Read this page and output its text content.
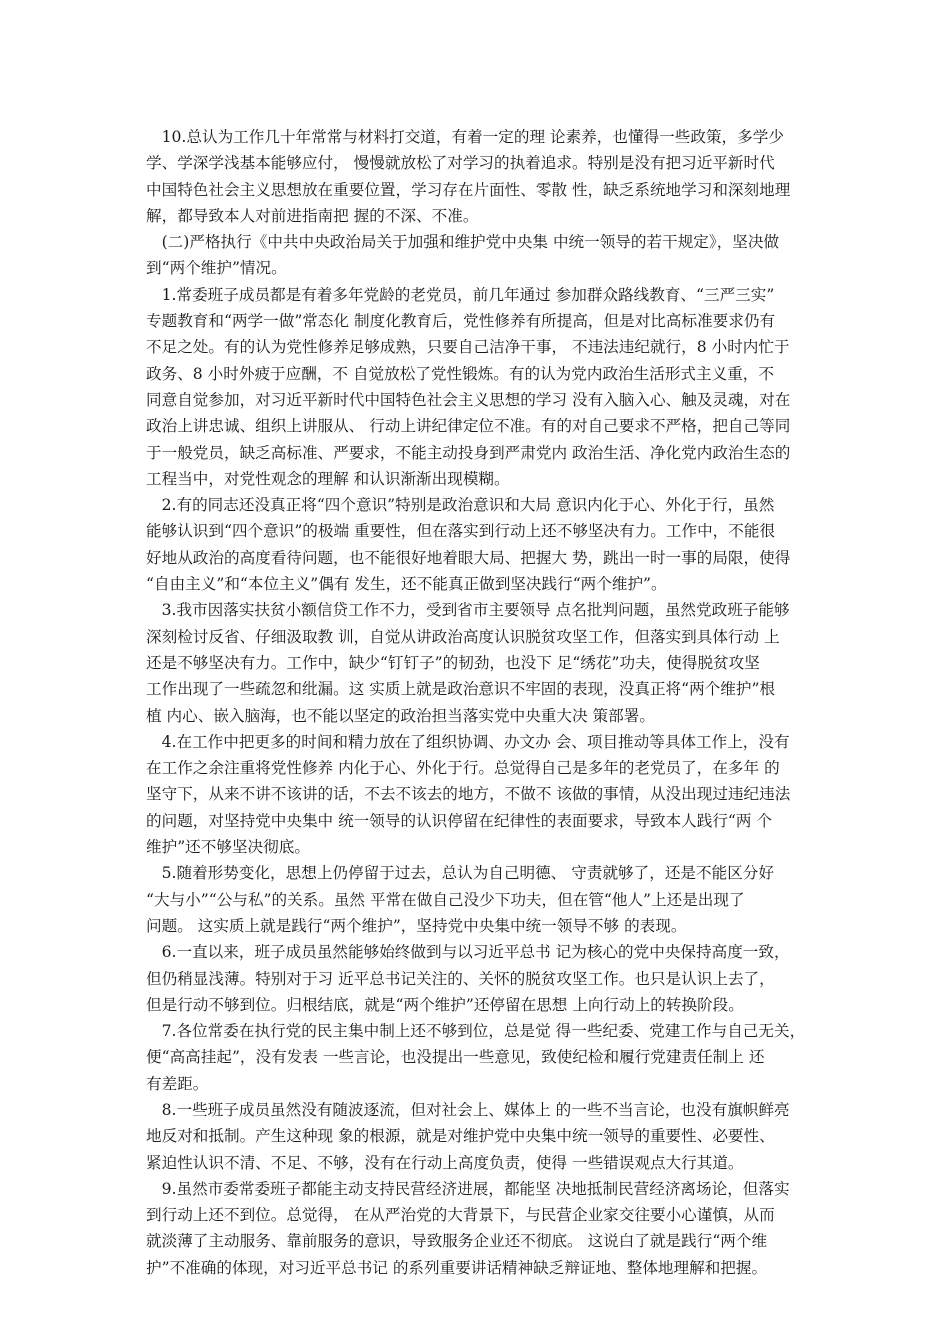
　10.总认为工作几十年常常与材料打交道，有着一定的理 论素养，也懂得一些政策，多学少
学、学深学浅基本能够应付， 慢慢就放松了对学习的执着追求。特别是没有把习近平新时代
中国特色社会主义思想放在重要位置，学习存在片面性、零散 性，缺乏系统地学习和深刻地理
解，都导致本人对前进指南把 握的不深、不准。
　(二)严格执行《中共中央政治局关于加强和维护党中央集 中统一领导的若干规定》，坚决做
到“两个维护”情况。
　1.常委班子成员都是有着多年党龄的老党员，前几年通过 参加群众路线教育、“三严三实”
专题教育和“两学一做”常态化 制度化教育后，党性修养有所提高，但是对比高标准要求仍有
不足之处。有的认为党性修养足够成熟，只要自己洁净干事， 不违法违纪就行，8 小时内忙于
政务、8 小时外疲于应酬，不 自觉放松了党性锻炼。有的认为党内政治生活形式主义重，不
同意自觉参加，对习近平新时代中国特色社会主义思想的学习 没有入脑入心、触及灵魂，对在
政治上讲忠诚、组织上讲服从、 行动上讲纪律定位不准。有的对自己要求不严格，把自己等同
于一般党员，缺乏高标准、严要求，不能主动投身到严肃党内 政治生活、净化党内政治生态的
工程当中，对党性观念的理解 和认识渐渐出现模糊。
　2.有的同志还没真正将“四个意识”特别是政治意识和大局 意识内化于心、外化于行，虽然
能够认识到“四个意识”的极端 重要性，但在落实到行动上还不够坚决有力。工作中，不能很
好地从政治的高度看待问题，也不能很好地着眼大局、把握大 势，跳出一时一事的局限，使得
“自由主义”和“本位主义”偶有 发生，还不能真正做到坚决践行“两个维护”。
　3.我市因落实扶贫小额信贷工作不力，受到省市主要领导 点名批判问题，虽然党政班子能够
深刻检讨反省、仔细汲取教 训，自觉从讲政治高度认识脱贫攻坚工作，但落实到具体行动 上
还是不够坚决有力。工作中，缺少“钉钉子”的韧劲，也没下 足“绣花”功夫，使得脱贫攻坚
工作出现了一些疏忽和纰漏。这 实质上就是政治意识不牢固的表现，没真正将“两个维护”根
植 内心、嵌入脑海，也不能以坚定的政治担当落实党中央重大决 策部署。
　4.在工作中把更多的时间和精力放在了组织协调、办文办 会、项目推动等具体工作上，没有
在工作之余注重将党性修养 内化于心、外化于行。总觉得自己是多年的老党员了，在多年 的
坚守下，从来不讲不该讲的话，不去不该去的地方，不做不 该做的事情，从没出现过违纪违法
的问题，对坚持党中央集中 统一领导的认识停留在纪律性的表面要求，导致本人践行“两 个
维护”还不够坚决彻底。
　5.随着形势变化，思想上仍停留于过去，总认为自己明德、 守责就够了，还是不能区分好
“大与小”“公与私”的关系。虽然 平常在做自己没少下功夫，但在管“他人”上还是出现了
问题。 这实质上就是践行“两个维护”，坚持党中央集中统一领导不够 的表现。
　6.一直以来，班子成员虽然能够始终做到与以习近平总书 记为核心的党中央保持高度一致，
但仍稍显浅薄。特别对于习 近平总书记关注的、关怀的脱贫攻坚工作。也只是认识上去了，
但是行动不够到位。归根结底，就是“两个维护”还停留在思想 上向行动上的转换阶段。
　7.各位常委在执行党的民主集中制上还不够到位，总是觉 得一些纪委、党建工作与自己无关，
便“高高挂起”，没有发表 一些言论，也没提出一些意见，致使纪检和履行党建责任制上 还
有差距。
　8.一些班子成员虽然没有随波逐流，但对社会上、媒体上 的一些不当言论，也没有旗帜鲜亮
地反对和抵制。产生这种现 象的根源，就是对维护党中央集中统一领导的重要性、必要性、
紧迫性认识不清、不足、不够，没有在行动上高度负责，使得 一些错误观点大行其道。
　9.虽然市委常委班子都能主动支持民营经济进展，都能坚 决地抵制民营经济离场论，但落实
到行动上还不到位。总觉得， 在从严治党的大背景下，与民营企业家交往要小心谨慎，从而
就淡薄了主动服务、靠前服务的意识，导致服务企业还不彻底。 这说白了就是践行“两个维
护”不准确的体现，对习近平总书记 的系列重要讲话精神缺乏辩证地、整体地理解和把握。
